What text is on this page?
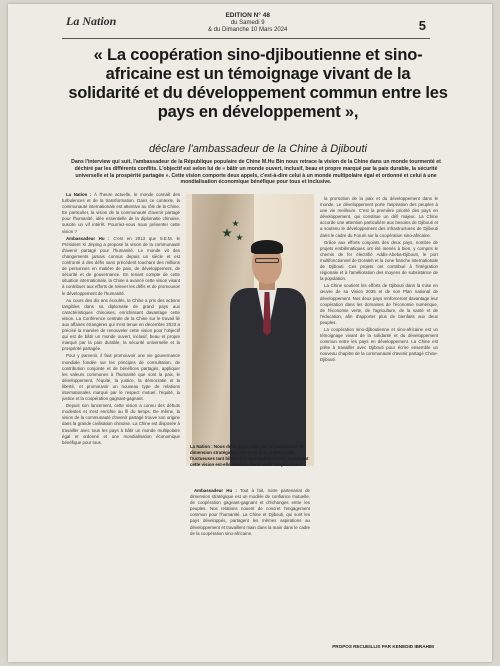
La Nation	EDITION N° 48
du Samedi 9
& du Dimanche 10 Mars 2024	5
« La coopération sino-djiboutienne et sino-africaine est un témoignage vivant de la solidarité et du développement commun entre les pays en développement »,
déclare l'ambassadeur de la Chine à Djibouti
Dans l'interview qui suit, l'ambassadeur de la République populaire de Chine M.Hu Bin nous retrace la vision de la Chine dans un monde tourmenté et déchiré par les différents conflits. L'objectif est selon lui de « bâtir un monde ouvert, inclusif, beau et propre marqué par la paix durable, la sécurité universelle et la prospérité partagée ». Cette vision comporte deux appels, c'est-à-dire celui à un monde multipolaire égal et ordonné et celui à une mondialisation économique bénéfique pour tous et inclusive.

La Nation : À l'heure actuelle, le monde connaît des turbulences et de la transformation. Dans ce contexte, la communauté internationale est attentive au rôle de la Chine. En particulier, la vision de la communauté d'avenir partagé pour l'humanité, idée essentielle de la diplomatie chinoise, suscite un vif intérêt. Pourriez-vous nous présenter cette vision ?

Ambassadeur Hu : C'est en 2013 que S.E.M. le Président Xi Jinping a proposé la vision de la communauté d'avenir partagé pour l'humanité. Le monde vit des changements jamais connus depuis un siècle et est confronté à des défis sans précédent touchant des millions de personnes en matière de paix, de développement, de sécurité et de gouvernance. En tenant compte de cette situation internationale, la Chine a avancé cette vision visant à contribuer aux efforts de relever les défis et de promouvoir le développement de l'humanité.

Au cours des dix ans écoulés, la Chine a pris des actions tangibles dans sa diplomatie de grand pays aux caractéristiques chinoises, enrichissant davantage cette vision. La Conférence centrale de la Chine sur le travail lié aux affaires étrangères qui s'est tenue en décembre 2023 a précisé la manière de renouveler cette vision pour l'objectif qui est de bâtir un monde ouvert, inclusif, beau et propre marqué par la paix durable, la sécurité universelle et la prospérité partagée.

Pour y parvenir, il faut promouvoir une vie gouvernance mondiale fondée sur les principes de consultation, de contribution conjointe et de bénéfices partagés, appliquer les valeurs communes à l'humanité que sont la paix, le développement, l'équité, la justice, la démocratie et la liberté, et promouvoir un nouveau type de relations internationales marqué par le respect mutuel, l'équité, la justice et la coopération gagnant-gagnant.

Depuis son lancement, cette vision a connu des débuts modestes et s'est enrichie au fil du temps. De même, la vision de la communauté d'avenir partagé trouve son origine dans la grande civilisation chinoise. La Chine est disposée à travailler avec tous les pays à bâtir un monde multipolaire égal et ordonné et une mondialisation économique bénéfique pour tous.

La Nation : Nous deux pays, unis par un partenariat de dimension stratégique, ont tissé des coopérations fructueuses tant bilatérales que multilatérales. Comment cette vision est-elle illustrée dans notre coopération ?

Ambassadeur Hu : Tout à fait, notre partenariat de dimension stratégique est un modèle de confiance mutuelle, de coopération gagnant-gagnant et d'échanges entre les peuples. Nos relations nouent de concret l'engagement commun pour l'humanité. La Chine et Djibouti, qui sont les pays développés, partagent les mêmes aspirations au développement et travaillent main dans la main dans le cadre de la coopération sino-africaine.

la promotion de la paix et du développement dans le monde. Le développement porte l'aspiration des peuples à une vie meilleure. C'est la première priorité des pays en développement, qui constitue un défi majeur. La Chine accorde une attention particulière aux besoins de Djibouti et a soutenu le développement des infrastructures de Djibouti dans le cadre du Forum sur la coopération sino-africaine.

Grâce aux efforts conjoints des deux pays, nombre de projets emblématiques ont été menés à bien, y compris le chemin de fer électrifié Addis-Abeba-Djibouti, le port multifonctionnel de Doraleh et la zone franche internationale de Djibouti. Ces projets ont contribué à l'intégration régionale et à l'amélioration des moyens de subsistance de la population.

La Chine soutient les efforts de Djibouti dans la mise en œuvre de sa Vision 2035 et de son Plan national de développement. Nos deux pays renforceront davantage leur coopération dans les domaines de l'économie numérique, de l'économie verte, de l'agriculture, de la santé et de l'éducation, afin d'apporter plus de bienfaits aux deux peuples.

La coopération sino-djiboutienne et sino-africaine est un témoignage vivant de la solidarité et du développement commun entre les pays en développement. La Chine est prête à travailler avec Djibouti pour écrire ensemble un nouveau chapitre de la communauté d'avenir partagé Chine-Djibouti.

PROPOS RECUEILLIS PAR KENEDID IBRAHIM
